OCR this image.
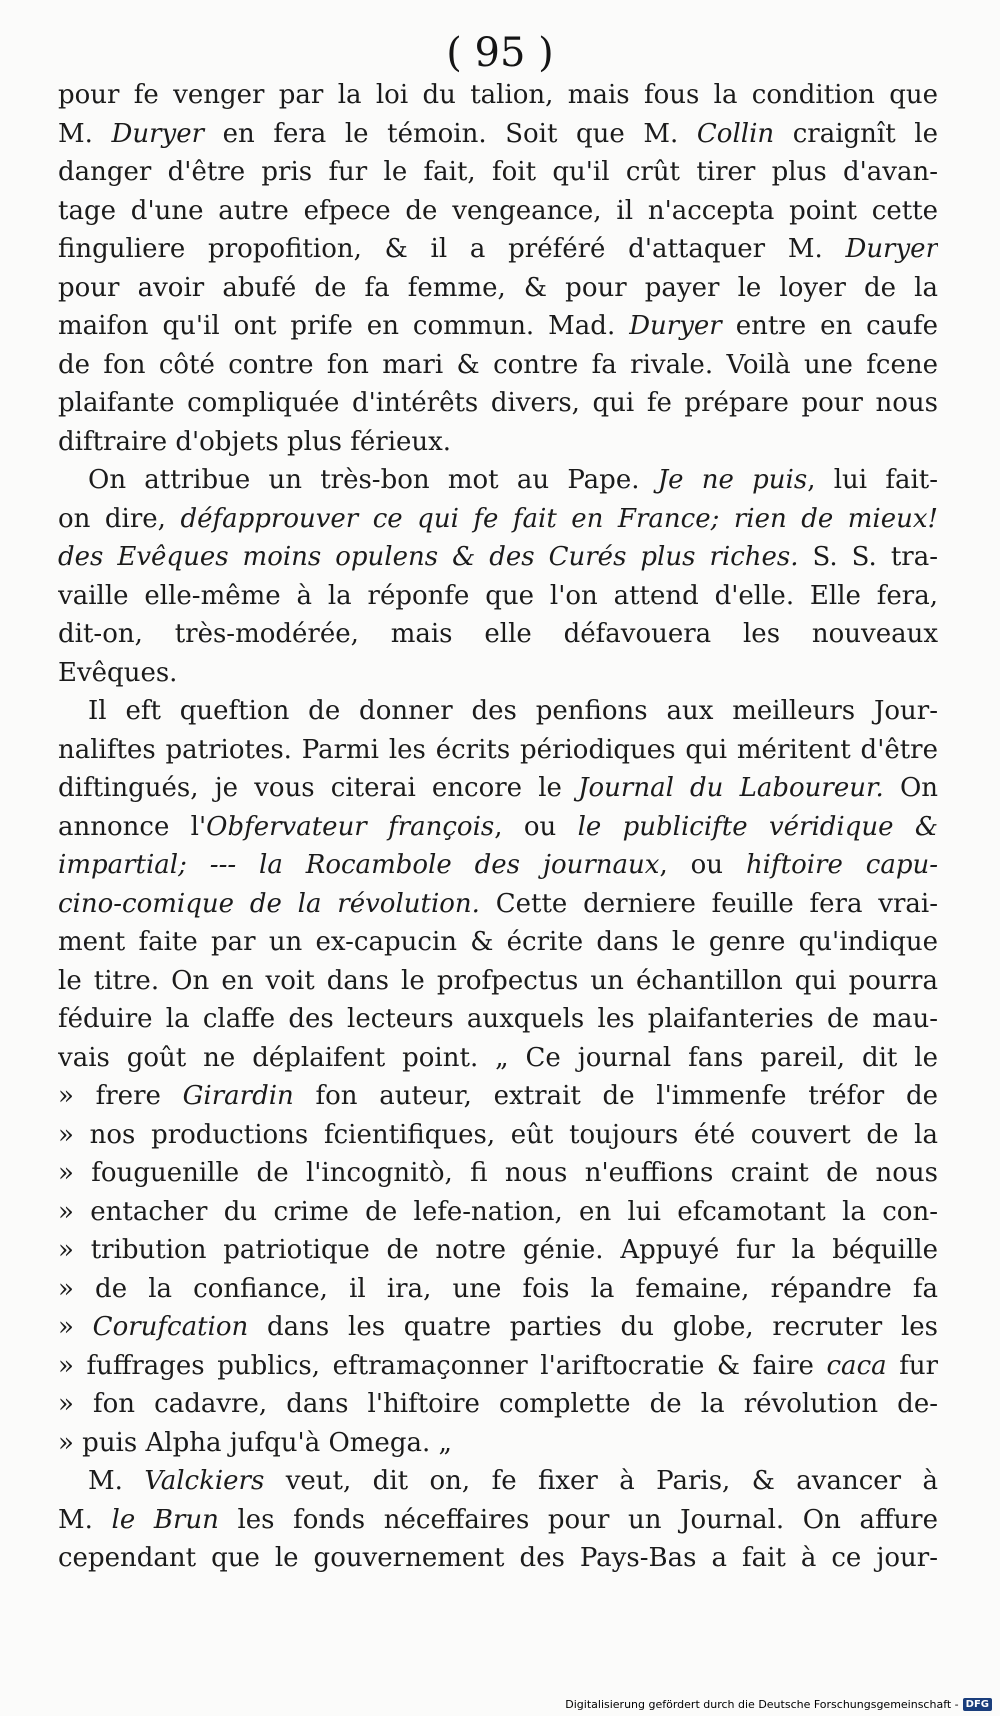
( 95 )
pour fe venger par la loi du talion, mais fous la condition que
M. Duryer en fera le témoin. Soit que M. Collin craignît le
danger d'être pris fur le fait, foit qu'il crût tirer plus d'avan-
tage d'une autre efpece de vengeance, il n'accepta point cette
finguliere propofition, & il a préféré d'attaquer M. Duryer
pour avoir abufé de fa femme, & pour payer le loyer de la
maifon qu'il ont prife en commun. Mad. Duryer entre en caufe
de fon côté contre fon mari & contre fa rivale. Voilà une fcene
plaifante compliquée d'intérêts divers, qui fe prépare pour nous
diftraire d'objets plus férieux.
On attribue un très-bon mot au Pape. Je ne puis, lui fait-
on dire, défapprouver ce qui fe fait en France; rien de mieux!
des Evêques moins opulens & des Curés plus riches. S. S. tra-
vaille elle-même à la réponfe que l'on attend d'elle. Elle fera,
dit-on, très-modérée, mais elle défavouera les nouveaux
Evêques.
Il eft queftion de donner des penfions aux meilleurs Jour-
naliftes patriotes. Parmi les écrits périodiques qui méritent d'être
diftingués, je vous citerai encore le Journal du Laboureur. On
annonce l'Obfervateur françois, ou le publicifte véridique &
impartial; --- la Rocambole des journaux, ou hiftoire capu-
cino-comique de la révolution. Cette derniere feuille fera vrai-
ment faite par un ex-capucin & écrite dans le genre qu'indique
le titre. On en voit dans le profpectus un échantillon qui pourra
féduire la claffe des lecteurs auxquels les plaifanteries de mau-
vais goût ne déplaifent point. „ Ce journal fans pareil, dit le
» frere Girardin fon auteur, extrait de l'immenfe tréfor de
» nos productions fcientifiques, eût toujours été couvert de la
» fouguenille de l'incognitò, fi nous n'euffions craint de nous
» entacher du crime de lefe-nation, en lui efcamotant la con-
» tribution patriotique de notre génie. Appuyé fur la béquille
» de la confiance, il ira, une fois la femaine, répandre fa
» Corufcation dans les quatre parties du globe, recruter les
» fuffrages publics, eftramaçonner l'ariftocratie & faire caca fur
» fon cadavre, dans l'hiftoire complette de la révolution de-
» puis Alpha jufqu'à Omega. „
M. Valckiers veut, dit on, fe fixer à Paris, & avancer à
M. le Brun les fonds néceffaires pour un Journal. On affure
cependant que le gouvernement des Pays-Bas a fait à ce jour-
Digitalisierung gefördert durch die Deutsche Forschungsgemeinschaft - DFG
